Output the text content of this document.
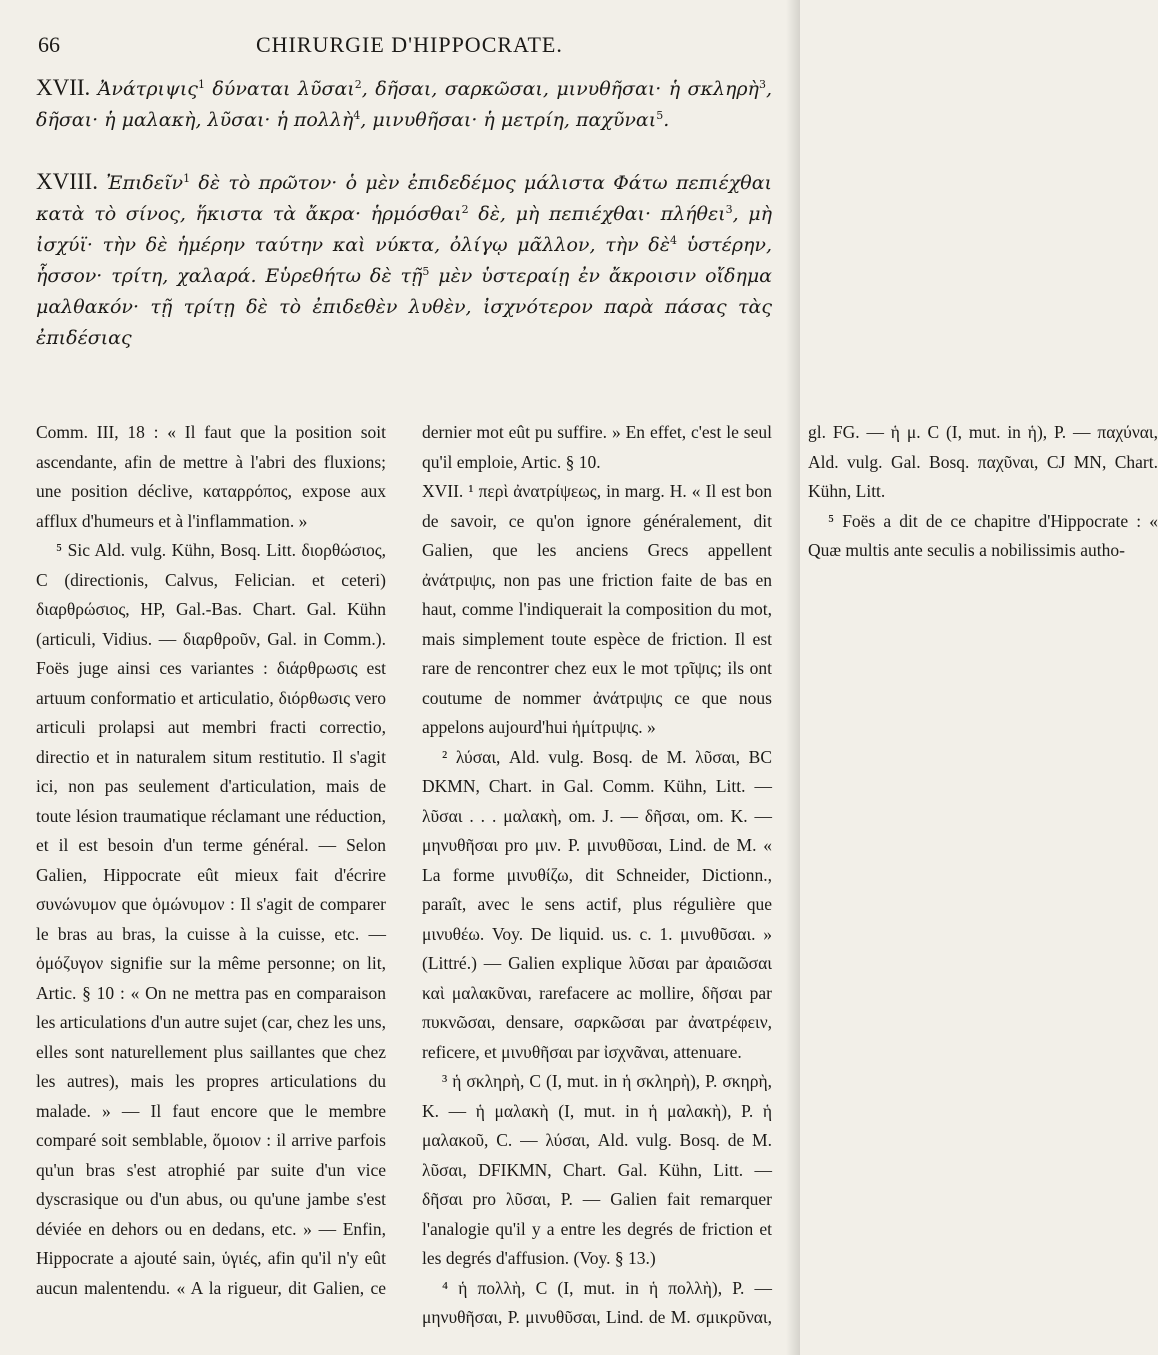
66	CHIRURGIE D'HIPPOCRATE.

XVII. Ἀνάτριψις$^1$ δύναται λῦσαι$^2$, δῆσαι, σαρκῶσαι, μινυθῆσαι· ἡ σκληρὴ$^3$, δῆσαι· ἡ μαλακὴ, λῦσαι· ἡ πολλὴ$^4$, μινυθῆσαι· ἡ μετρίη, παχῦναι$^5$.

XVIII. Ἐπιδεῖν$^1$ δὲ τὸ πρῶτον· ὁ μὲν ἐπιδεδέμος μάλιστα Φάτω πεπιέχθαι κατὰ τὸ σίνος, ἥκιστα τὰ ἄκρα· ἡρμόσθαι$^2$ δὲ, μὴ πεπιέχθαι· πλήθει$^3$, μὴ ἰσχύϊ· τὴν δὲ ἡμέρην ταύτην καὶ νύκτα, ὀλίγῳ μᾶλλον, τὴν δὲ$^4$ ὑστέρην, ἧσσον· τρίτη, χαλαρά. Εὑρεθήτω δὲ τῇ$^5$ μὲν ὑστεραίῃ ἐν ἄκροισιν οἴδημα μαλθακόν· τῇ τρίτῃ δὲ τὸ ἐπιδεθὲν λυθὲν, ἰσχνότερον παρὰ πάσας τὰς ἐπιδέσιας

Comm. III, 18 : « Il faut que la position soit ascendante, afin de mettre à l'abri des fluxions; une position déclive, καταρρόπος, expose aux afflux d'humeurs et à l'inflammation. »

⁵ Sic Ald. vulg. Kühn, Bosq. Litt. διορθώσιος, C (directionis, Calvus, Felician. et ceteri) διαρθρώσιος, HP, Gal.-Bas. Chart. Gal. Kühn (articuli, Vidius. — διαρθροῦν, Gal. in Comm.). Foës juge ainsi ces variantes : διάρθρωσις est artuum conformatio et articulatio, διόρθωσις vero articuli prolapsi aut membri fracti correctio, directio et in naturalem situm restitutio. Il s'agit ici, non pas seulement d'articulation, mais de toute lésion traumatique réclamant une réduction, et il est besoin d'un terme général. — Selon Galien, Hippocrate eût mieux fait d'écrire συνώνυμον que ὁμώνυμον : Il s'agit de comparer le bras au bras, la cuisse à la cuisse, etc. — ὁμόζυγον signifie sur la même personne; on lit, Artic. § 10 : « On ne mettra pas en comparaison les articulations d'un autre sujet (car, chez les uns, elles sont naturellement plus saillantes que chez les autres), mais les propres articulations du malade. » — Il faut encore que le membre comparé soit semblable, ὅμοιον : il arrive parfois qu'un bras s'est atrophié par suite d'un vice dyscrasique ou d'un abus, ou qu'une jambe s'est déviée en dehors ou en dedans, etc. » — Enfin, Hippocrate a ajouté sain, ὑγιές, afin qu'il n'y eût aucun malentendu. « A la rigueur, dit Galien, ce dernier mot eût pu suffire. » En effet, c'est le seul qu'il emploie, Artic. § 10.

XVII. ¹ περὶ ἀνατρίψεως, in marg. H. « Il est bon de savoir, ce qu'on ignore généralement, dit Galien, que les anciens Grecs appellent ἀνάτριψις, non pas une friction faite de bas en haut, comme l'indiquerait la composition du mot, mais simplement toute espèce de friction. Il est rare de rencontrer chez eux le mot τρῖψις; ils ont coutume de nommer ἀνάτριψις ce que nous appelons aujourd'hui ἡμίτριψις. »

² λύσαι, Ald. vulg. Bosq. de M. λῦσαι, BC DKMN, Chart. in Gal. Comm. Kühn, Litt. — λῦσαι . . . μαλακὴ, om. J. — δῆσαι, om. K. — μηνυθῆσαι pro μιν. P. μινυθῦσαι, Lind. de M. « La forme μινυθίζω, dit Schneider, Dictionn., paraît, avec le sens actif, plus régulière que μινυθέω. Voy. De liquid. us. c. 1. μινυθῦσαι. » (Littré.) — Galien explique λῦσαι par ἀραιῶσαι καὶ μαλακῦναι, rarefacere ac mollire, δῆσαι par πυκνῶσαι, densare, σαρκῶσαι par ἀνατρέφειν, reficere, et μινυθῆσαι par ἰσχνᾶναι, attenuare.

³ ἡ σκληρὴ, C (I, mut. in ἡ σκληρὴ), P. σκηρὴ, K. — ἡ μαλακὴ (I, mut. in ἡ μαλακὴ), P. ἡ μαλακοῦ, C. — λύσαι, Ald. vulg. Bosq. de M. λῦσαι, DFIKMN, Chart. Gal. Kühn, Litt. — δῆσαι pro λῦσαι, P. — Galien fait remarquer l'analogie qu'il y a entre les degrés de friction et les degrés d'affusion. (Voy. § 13.)

⁴ ἡ πολλὴ, C (I, mut. in ἡ πολλὴ), P. — μηνυθῆσαι, P. μινυθῦσαι, Lind. de M. σμικρῦναι, gl. FG. — ἡ μ. C (I, mut. in ἡ), P. — παχύναι, Ald. vulg. Gal. Bosq. παχῦναι, CJ MN, Chart. Kühn, Litt.

⁵ Foës a dit de ce chapitre d'Hippocrate : « Quæ multis ante seculis a nobilissimis autho-
